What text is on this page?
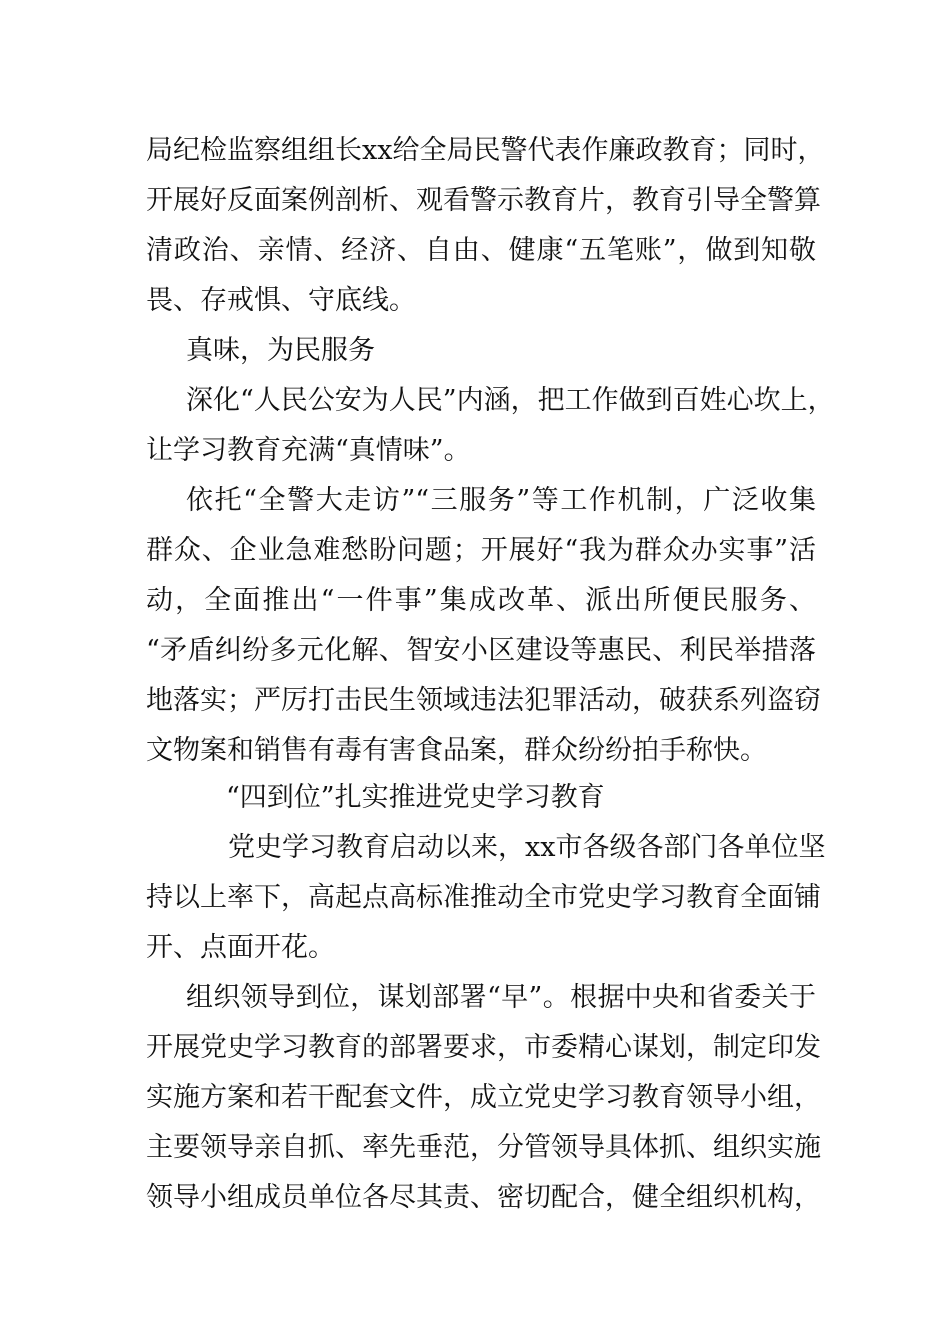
局纪检监察组组长xx给全局民警代表作廉政教育；同时，
开展好反面案例剖析、观看警示教育片，教育引导全警算
清政治、亲情、经济、自由、健康“五笔账”，做到知敬
畏、存戒惧、守底线。
真味，为民服务
深化“人民公安为人民”内涵，把工作做到百姓心坎上，
让学习教育充满“真情味”。
依托“全警大走访”“三服务”等工作机制，广泛收集
群众、企业急难愁盼问题；开展好“我为群众办实事”活
动，全面推出“一件事”集成改革、派出所便民服务、
“矛盾纠纷多元化解、智安小区建设等惠民、利民举措落
地落实；严厉打击民生领域违法犯罪活动，破获系列盗窃
文物案和销售有毒有害食品案，群众纷纷拍手称快。
“四到位”扎实推进党史学习教育
党史学习教育启动以来，xx市各级各部门各单位坚
持以上率下，高起点高标准推动全市党史学习教育全面铺
开、点面开花。
组织领导到位，谋划部署“早”。根据中央和省委关于
开展党史学习教育的部署要求，市委精心谋划，制定印发
实施方案和若干配套文件，成立党史学习教育领导小组，
主要领导亲自抓、率先垂范，分管领导具体抓、组织实施
领导小组成员单位各尽其责、密切配合，健全组织机构，
